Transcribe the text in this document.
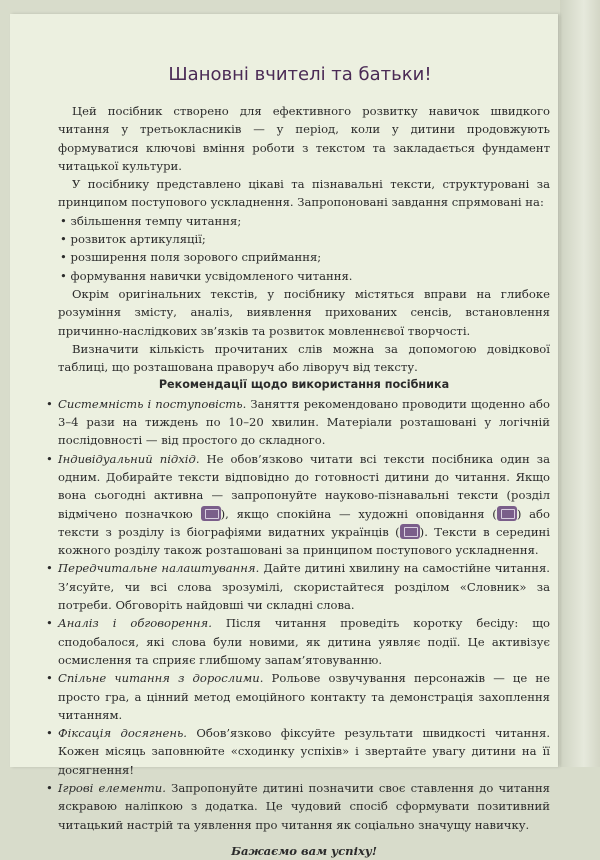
Шановні вчителі та батьки!

Цей посібник створено для ефективного розвитку навичок швидкого читання у третьокласників — у період, коли у дитини продовжують формуватися ключові вміння роботи з текстом та закладається фундамент читацької культури.

У посібнику представлено цікаві та пізнавальні тексти, структуровані за принципом поступового ускладнення. Запропоновані завдання спрямовані на:

• збільшення темпу читання;

• розвиток артикуляції;

• розширення поля зорового сприймання;

• формування навички усвідомленого читання.

Окрім оригінальних текстів, у посібнику містяться вправи на глибоке розуміння змісту, аналіз, виявлення прихованих сенсів, встановлення причинно-наслідкових зв’язків та розвиток мовленнєвої творчості.

Визначити кількість прочитаних слів можна за допомогою довідкової таблиці, що розташована праворуч або ліворуч від тексту.

Рекомендації щодо використання посібника

• Системність і поступовість. Заняття рекомендовано проводити щоденно або 3–4 рази на тиждень по 10–20 хвилин. Матеріали розташовані у логічній послідовності — від простого до складного.

• Індивідуальний підхід. Не обов’язково читати всі тексти посібника один за одним. Добирайте тексти відповідно до готовності дитини до читання. Якщо вона сьогодні активна — запропонуйте науково-пізнавальні тексти (розділ відмічено позначкою ), якщо спокійна — художні оповідання ( ) або тексти з розділу із біографіями видатних українців ( ). Тексти в середині кожного розділу також розташовані за принципом поступового ускладнення.

• Передчитальне налаштування. Дайте дитині хвилину на самостійне читання. З’ясуйте, чи всі слова зрозумілі, скористайтеся розділом «Словник» за потреби. Обговоріть найдовші чи складні слова.

• Аналіз і обговорення. Після читання проведіть коротку бесіду: що сподобалося, які слова були новими, як дитина уявляє події. Це активізує осмислення та сприяє глибшому запам’ятовуванню.

• Спільне читання з дорослими. Рольове озвучування персонажів — це не просто гра, а цінний метод емоційного контакту та демонстрація захоплення читанням.

• Фіксація досягнень. Обов’язково фіксуйте результати швидкості читання. Кожен місяць заповнюйте «сходинку успіхів» і звертайте увагу дитини на її досягнення!

• Ігрові елементи. Запропонуйте дитині позначити своє ставлення до читання яскравою наліпкою з додатка. Це чудовий спосіб сформувати позитивний читацький настрій та уявлення про читання як соціально значущу навичку.

Бажаємо вам успіху!
